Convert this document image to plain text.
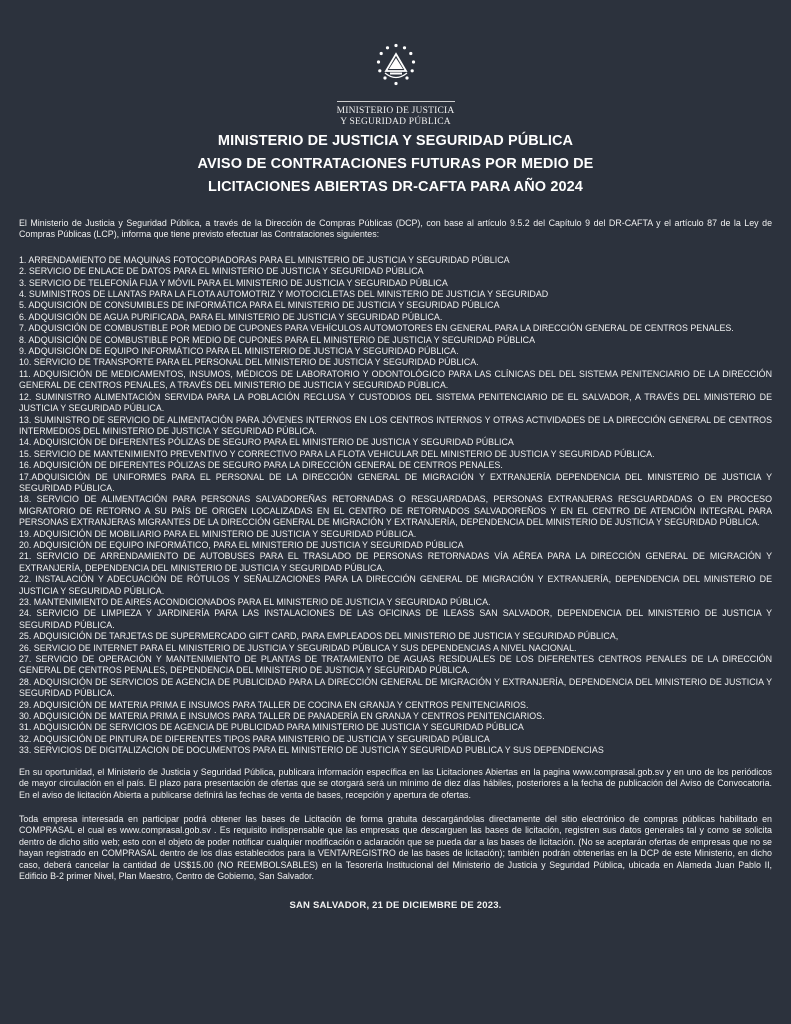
MINISTERIO DE JUSTICIA
Y SEGURIDAD PÚBLICA
MINISTERIO DE JUSTICIA Y SEGURIDAD PÚBLICA
AVISO DE CONTRATACIONES FUTURAS POR MEDIO DE
LICITACIONES ABIERTAS DR-CAFTA PARA AÑO 2024

El Ministerio de Justicia y Seguridad Pública, a través de la Dirección de Compras Públicas (DCP), con base al artículo 9.5.2 del Capítulo 9 del DR-CAFTA y el artículo 87 de la Ley de Compras Públicas (LCP), informa que tiene previsto efectuar las Contrataciones siguientes:

1. ARRENDAMIENTO DE MAQUINAS FOTOCOPIADORAS PARA EL MINISTERIO DE JUSTICIA Y SEGURIDAD PÚBLICA
2. SERVICIO DE ENLACE DE DATOS PARA EL MINISTERIO DE JUSTICIA Y SEGURIDAD PÚBLICA
3. SERVICIO DE TELEFONÍA FIJA Y MÓVIL PARA EL MINISTERIO DE JUSTICIA Y SEGURIDAD PÚBLICA
4. SUMINISTROS DE LLANTAS PARA LA FLOTA AUTOMOTRIZ Y MOTOCICLETAS DEL MINISTERIO DE JUSTICIA Y SEGURIDAD
5. ADQUISICIÓN DE CONSUMIBLES DE INFORMÁTICA PARA EL MINISTERIO DE JUSTICIA Y SEGURIDAD PÚBLICA
6. ADQUISICIÓN DE AGUA PURIFICADA, PARA EL MINISTERIO DE JUSTICIA Y SEGURIDAD PÚBLICA.
7. ADQUISICIÓN DE COMBUSTIBLE POR MEDIO DE CUPONES PARA VEHÍCULOS AUTOMOTORES EN GENERAL PARA LA DIRECCIÓN GENERAL DE CENTROS PENALES.
8. ADQUISICIÓN DE COMBUSTIBLE POR MEDIO DE CUPONES PARA EL MINISTERIO DE JUSTICIA Y SEGURIDAD PÚBLICA
9. ADQUISICIÓN DE EQUIPO INFORMÁTICO PARA EL MINISTERIO DE JUSTICIA Y SEGURIDAD PÚBLICA.
10. SERVICIO DE TRANSPORTE PARA EL PERSONAL DEL MINISTERIO DE JUSTICIA Y SEGURIDAD PÚBLICA.
11. ADQUISICIÓN DE MEDICAMENTOS, INSUMOS, MÉDICOS DE LABORATORIO Y ODONTOLÓGICO PARA LAS CLÍNICAS DEL DEL SISTEMA PENITENCIARIO DE LA DIRECCIÓN GENERAL DE CENTROS PENALES, A TRAVÉS DEL MINISTERIO DE JUSTICIA Y SEGURIDAD PÚBLICA.
12. SUMINISTRO ALIMENTACIÓN SERVIDA PARA LA POBLACIÓN RECLUSA Y CUSTODIOS DEL SISTEMA PENITENCIARIO DE EL SALVADOR, A TRAVÉS DEL MINISTERIO DE JUSTICIA Y SEGURIDAD PÚBLICA.
13. SUMINISTRO DE SERVICIO DE ALIMENTACIÓN PARA JÓVENES INTERNOS EN LOS CENTROS INTERNOS Y OTRAS ACTIVIDADES DE LA DIRECCIÓN GENERAL DE CENTROS INTERMEDIOS DEL MINISTERIO DE JUSTICIA Y SEGURIDAD PÚBLICA.
14. ADQUISICIÓN DE DIFERENTES PÓLIZAS DE SEGURO PARA EL MINISTERIO DE JUSTICIA Y SEGURIDAD PÚBLICA
15. SERVICIO DE MANTENIMIENTO PREVENTIVO Y CORRECTIVO PARA LA FLOTA VEHICULAR DEL MINISTERIO DE JUSTICIA Y SEGURIDAD PÚBLICA.
16. ADQUISICIÓN DE DIFERENTES PÓLIZAS DE SEGURO PARA LA DIRECCIÓN GENERAL DE CENTROS PENALES.
17.ADQUISICIÓN DE UNIFORMES PARA EL PERSONAL DE LA DIRECCIÓN GENERAL DE MIGRACIÓN Y EXTRANJERÍA DEPENDENCIA DEL MINISTERIO DE JUSTICIA Y SEGURIDAD PÚBLICA.
18. SERVICIO DE ALIMENTACIÓN PARA PERSONAS SALVADOREÑAS RETORNADAS O RESGUARDADAS, PERSONAS EXTRANJERAS RESGUARDADAS O EN PROCESO MIGRATORIO DE RETORNO A SU PAÍS DE ORIGEN LOCALIZADAS EN EL CENTRO DE RETORNADOS SALVADOREÑOS Y EN EL CENTRO DE ATENCIÓN INTEGRAL PARA PERSONAS EXTRANJERAS MIGRANTES DE LA DIRECCIÓN GENERAL DE MIGRACIÓN Y EXTRANJERÍA, DEPENDENCIA DEL MINISTERIO DE JUSTICIA Y SEGURIDAD PÚBLICA.
19. ADQUISICIÓN DE MOBILIARIO PARA EL MINISTERIO DE JUSTICIA Y SEGURIDAD PÚBLICA.
20. ADQUISICIÓN DE EQUIPO INFORMÁTICO, PARA EL MINISTERIO DE JUSTICIA Y SEGURIDAD PÚBLICA
21. SERVICIO DE ARRENDAMIENTO DE AUTOBUSES PARA EL TRASLADO DE PERSONAS RETORNADAS VÍA AÉREA PARA LA DIRECCIÓN GENERAL DE MIGRACIÓN Y EXTRANJERÍA, DEPENDENCIA DEL MINISTERIO DE JUSTICIA Y SEGURIDAD PÚBLICA.
22. INSTALACIÓN Y ADECUACIÓN DE RÓTULOS Y SEÑALIZACIONES PARA LA DIRECCIÓN GENERAL DE MIGRACIÓN Y EXTRANJERÍA, DEPENDENCIA DEL MINISTERIO DE JUSTICIA Y SEGURIDAD PÚBLICA.
23. MANTENIMIENTO DE AIRES ACONDICIONADOS PARA EL MINISTERIO DE JUSTICIA Y SEGURIDAD PÚBLICA.
24. SERVICIO DE LIMPIEZA Y JARDINERÍA PARA LAS INSTALACIONES DE LAS OFICINAS DE ILEASS SAN SALVADOR, DEPENDENCIA DEL MINISTERIO DE JUSTICIA Y SEGURIDAD PÚBLICA.
25. ADQUISICIÓN DE TARJETAS DE SUPERMERCADO GIFT CARD, PARA EMPLEADOS DEL MINISTERIO DE JUSTICIA Y SEGURIDAD PÚBLICA,
26. SERVICIO DE INTERNET PARA EL MINISTERIO DE JUSTICIA Y SEGURIDAD PÚBLICA Y SUS DEPENDENCIAS A NIVEL NACIONAL.
27. SERVICIO DE OPERACIÓN Y MANTENIMIENTO DE PLANTAS DE TRATAMIENTO DE AGUAS RESIDUALES DE LOS DIFERENTES CENTROS PENALES DE LA DIRECCIÓN GENERAL DE CENTROS PENALES, DEPENDENCIA DEL MINISTERIO DE JUSTICIA Y SEGURIDAD PÚBLICA.
28. ADQUISICIÓN DE SERVICIOS DE AGENCIA DE PUBLICIDAD PARA LA DIRECCIÓN GENERAL DE MIGRACIÓN Y EXTRANJERÍA, DEPENDENCIA DEL MINISTERIO DE JUSTICIA Y SEGURIDAD PÚBLICA.
29. ADQUISICIÓN DE MATERIA PRIMA E INSUMOS PARA TALLER DE COCINA EN GRANJA Y CENTROS PENITENCIARIOS.
30. ADQUISICIÓN DE MATERIA PRIMA E INSUMOS PARA TALLER DE PANADERÍA EN GRANJA Y CENTROS PENITENCIARIOS.
31. ADQUISICIÓN DE SERVICIOS DE AGENCIA DE PUBLICIDAD PARA MINISTERIO DE JUSTICIA Y SEGURIDAD PÚBLICA
32. ADQUISICIÓN DE PINTURA DE DIFERENTES TIPOS PARA MINISTERIO DE JUSTICIA Y SEGURIDAD PÚBLICA
33. SERVICIOS DE DIGITALIZACION DE DOCUMENTOS PARA EL MINISTERIO DE JUSTICIA Y SEGURIDAD PUBLICA Y SUS DEPENDENCIAS

En su oportunidad, el Ministerio de Justicia y Seguridad Pública, publicara información específica en las Licitaciones Abiertas en la pagina www.comprasal.gob.sv y en uno de los periódicos de mayor circulación en el país. El plazo para presentación de ofertas que se otorgará será un mínimo de diez días hábiles, posteriores a la fecha de publicación del Aviso de Convocatoria. En el aviso de licitación Abierta a publicarse definirá las fechas de venta de bases, recepción y apertura de ofertas.

Toda empresa interesada en participar podrá obtener las bases de Licitación de forma gratuita descargándolas directamente del sitio electrónico de compras públicas habilitado en COMPRASAL el cual es www.comprasal.gob.sv . Es requisito indispensable que las empresas que descarguen las bases de licitación, registren sus datos generales tal y como se solicita dentro de dicho sitio web; esto con el objeto de poder notificar cualquier modificación o aclaración que se pueda dar a las bases de licitación. (No se aceptarán ofertas de empresas que no se hayan registrado en COMPRASAL dentro de los días establecidos para la VENTA/REGISTRO de las bases de licitación); también podrán obtenerlas en la DCP de este Ministerio, en dicho caso, deberá cancelar la cantidad de US$15.00 (NO REEMBOLSABLES) en la Tesorería Institucional del Ministerio de Justicia y Seguridad Pública, ubicada en Alameda Juan Pablo II, Edificio B-2 primer Nivel, Plan Maestro, Centro de Gobierno, San Salvador.

SAN SALVADOR, 21 DE DICIEMBRE DE 2023.
